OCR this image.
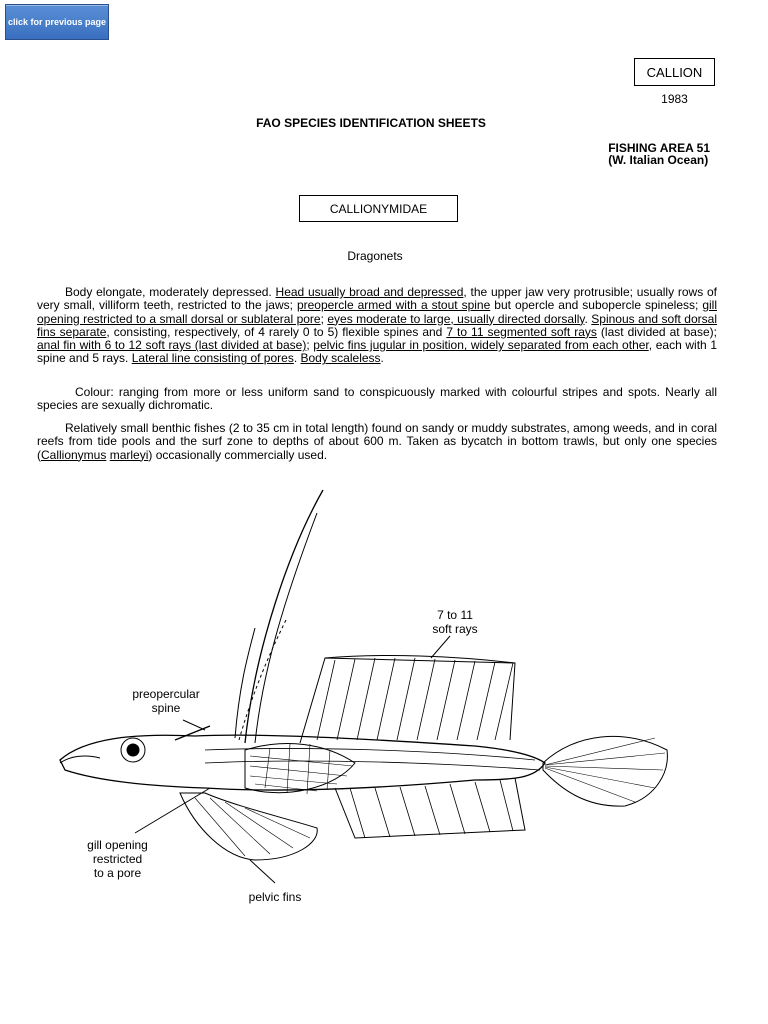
click for previous page
CALLION
1983
FAO SPECIES IDENTIFICATION SHEETS
FISHING AREA 51
(W. Italian Ocean)
CALLIONYMIDAE
Dragonets

Body elongate, moderately depressed. Head usually broad and depressed, the upper jaw very protrusible; usually rows of very small, villiform teeth, restricted to the jaws; preopercle armed with a stout spine but opercle and subopercle spineless; gill opening restricted to a small dorsal or sublateral pore; eyes moderate to large, usually directed dorsally. Spinous and soft dorsal fins separate, consisting, respectively, of 4 rarely 0 to 5) flexible spines and 7 to 11 segmented soft rays (last divided at base); anal fin with 6 to 12 soft rays (last divided at base); pelvic fins jugular in position, widely separated from each other, each with 1 spine and 5 rays. Lateral line consisting of pores. Body scaleless.

Colour: ranging from more or less uniform sand to conspicuously marked with colourful stripes and spots. Nearly all species are sexually dichromatic.

Relatively small benthic fishes (2 to 35 cm in total length) found on sandy or muddy substrates, among weeds, and in coral reefs from tide pools and the surf zone to depths of about 600 m. Taken as bycatch in bottom trawls, but only one species (Callionymus marleyi) occasionally commercially used.

7 to 11
soft rays
preopercular
spine
gill opening
restricted
to a pore
pelvic fins
